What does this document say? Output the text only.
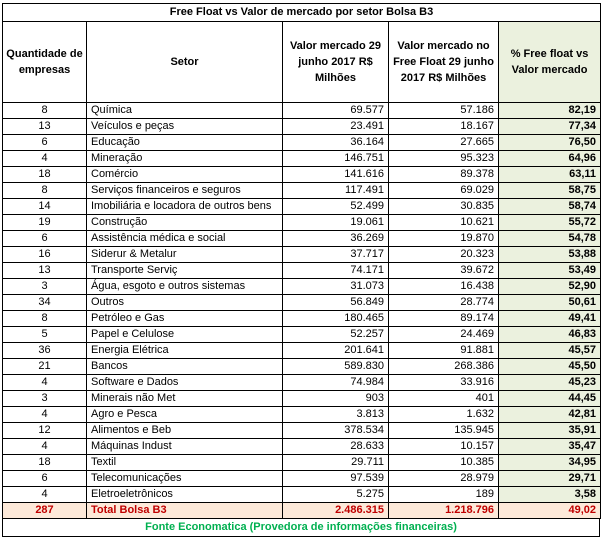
Free Float vs Valor de mercado por setor Bolsa B3				
Quantidade de empresas	Setor	Valor mercado 29 junho 2017 R$ Milhões	Valor mercado no Free Float 29 junho 2017 R$ Milhões	% Free float vs Valor mercado
8	Química	69.577	57.186	82,19
13	Veículos e peças	23.491	18.167	77,34
6	Educação	36.164	27.665	76,50
4	Mineração	146.751	95.323	64,96
18	Comércio	141.616	89.378	63,11
8	Serviços financeiros e seguros	117.491	69.029	58,75
14	Imobiliária e locadora de outros bens	52.499	30.835	58,74
19	Construção	19.061	10.621	55,72
6	Assistência médica e social	36.269	19.870	54,78
16	Siderur & Metalur	37.717	20.323	53,88
13	Transporte Serviç	74.171	39.672	53,49
3	Água, esgoto e outros sistemas	31.073	16.438	52,90
34	Outros	56.849	28.774	50,61
8	Petróleo e Gas	180.465	89.174	49,41
5	Papel e Celulose	52.257	24.469	46,83
36	Energia Elétrica	201.641	91.881	45,57
21	Bancos	589.830	268.386	45,50
4	Software e Dados	74.984	33.916	45,23
3	Minerais não Met	903	401	44,45
4	Agro e Pesca	3.813	1.632	42,81
12	Alimentos e Beb	378.534	135.945	35,91
4	Máquinas Indust	28.633	10.157	35,47
18	Textil	29.711	10.385	34,95
6	Telecomunicações	97.539	28.979	29,71
4	Eletroeletrônicos	5.275	189	3,58
287	Total Bolsa B3	2.486.315	1.218.796	49,02
Fonte Economatica (Provedora de informações financeiras)
